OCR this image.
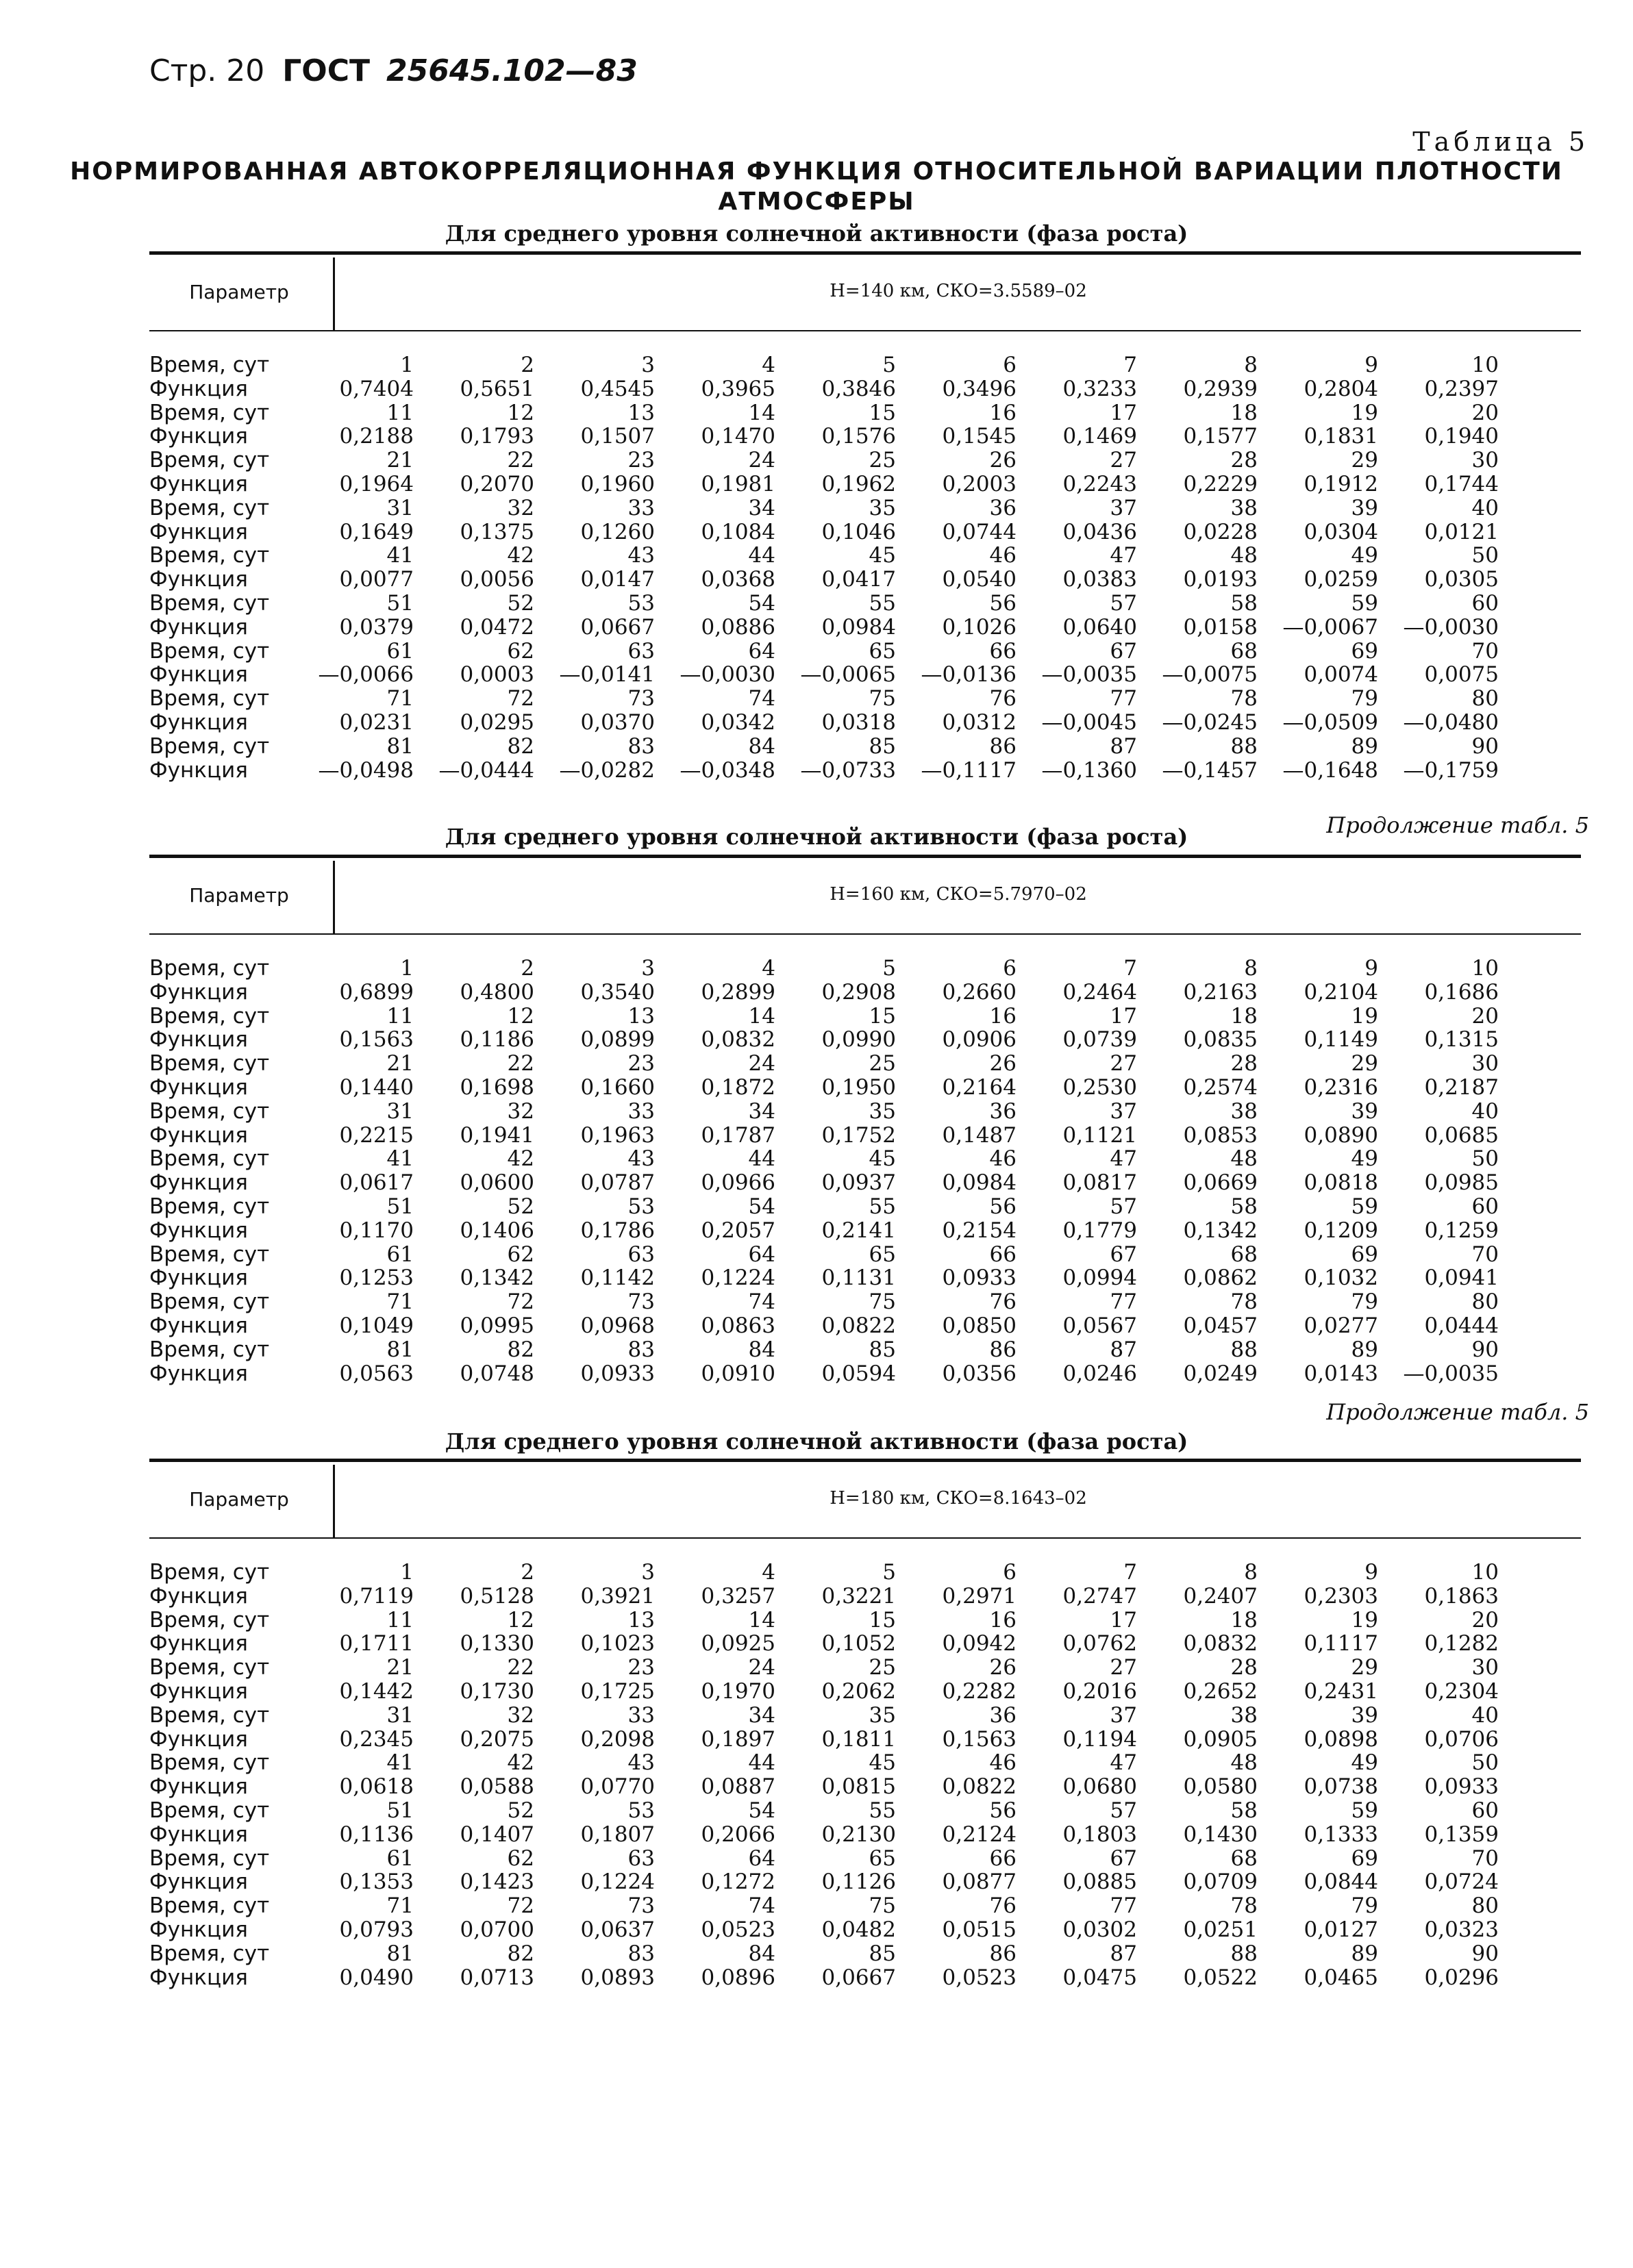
Стр. 20 ГОСТ 25645.102—83
Таблица 5
НОРМИРОВАННАЯ АВТОКОРРЕЛЯЦИОННАЯ ФУНКЦИЯ ОТНОСИТЕЛЬНОЙ ВАРИАЦИИ ПЛОТНОСТИ
АТМОСФЕРЫ
Для среднего уровня солнечной активности (фаза роста)
Параметр	H=140 км, СКО=3.5589–02
Время, сут	1	2	3	4	5	6	7	8	9	10
Функция	0,7404	0,5651	0,4545	0,3965	0,3846	0,3496	0,3233	0,2939	0,2804	0,2397
Время, сут	11	12	13	14	15	16	17	18	19	20
Функция	0,2188	0,1793	0,1507	0,1470	0,1576	0,1545	0,1469	0,1577	0,1831	0,1940
Время, сут	21	22	23	24	25	26	27	28	29	30
Функция	0,1964	0,2070	0,1960	0,1981	0,1962	0,2003	0,2243	0,2229	0,1912	0,1744
Время, сут	31	32	33	34	35	36	37	38	39	40
Функция	0,1649	0,1375	0,1260	0,1084	0,1046	0,0744	0,0436	0,0228	0,0304	0,0121
Время, сут	41	42	43	44	45	46	47	48	49	50
Функция	0,0077	0,0056	0,0147	0,0368	0,0417	0,0540	0,0383	0,0193	0,0259	0,0305
Время, сут	51	52	53	54	55	56	57	58	59	60
Функция	0,0379	0,0472	0,0667	0,0886	0,0984	0,1026	0,0640	0,0158	—0,0067	—0,0030
Время, сут	61	62	63	64	65	66	67	68	69	70
Функция	—0,0066	0,0003	—0,0141	—0,0030	—0,0065	—0,0136	—0,0035	—0,0075	0,0074	0,0075
Время, сут	71	72	73	74	75	76	77	78	79	80
Функция	0,0231	0,0295	0,0370	0,0342	0,0318	0,0312	—0,0045	—0,0245	—0,0509	—0,0480
Время, сут	81	82	83	84	85	86	87	88	89	90
Функция	—0,0498	—0,0444	—0,0282	—0,0348	—0,0733	—0,1117	—0,1360	—0,1457	—0,1648	—0,1759
Продолжение табл. 5
Для среднего уровня солнечной активности (фаза роста)
Параметр	H=160 км, СКО=5.7970–02
Время, сут	1	2	3	4	5	6	7	8	9	10
Функция	0,6899	0,4800	0,3540	0,2899	0,2908	0,2660	0,2464	0,2163	0,2104	0,1686
Время, сут	11	12	13	14	15	16	17	18	19	20
Функция	0,1563	0,1186	0,0899	0,0832	0,0990	0,0906	0,0739	0,0835	0,1149	0,1315
Время, сут	21	22	23	24	25	26	27	28	29	30
Функция	0,1440	0,1698	0,1660	0,1872	0,1950	0,2164	0,2530	0,2574	0,2316	0,2187
Время, сут	31	32	33	34	35	36	37	38	39	40
Функция	0,2215	0,1941	0,1963	0,1787	0,1752	0,1487	0,1121	0,0853	0,0890	0,0685
Время, сут	41	42	43	44	45	46	47	48	49	50
Функция	0,0617	0,0600	0,0787	0,0966	0,0937	0,0984	0,0817	0,0669	0,0818	0,0985
Время, сут	51	52	53	54	55	56	57	58	59	60
Функция	0,1170	0,1406	0,1786	0,2057	0,2141	0,2154	0,1779	0,1342	0,1209	0,1259
Время, сут	61	62	63	64	65	66	67	68	69	70
Функция	0,1253	0,1342	0,1142	0,1224	0,1131	0,0933	0,0994	0,0862	0,1032	0,0941
Время, сут	71	72	73	74	75	76	77	78	79	80
Функция	0,1049	0,0995	0,0968	0,0863	0,0822	0,0850	0,0567	0,0457	0,0277	0,0444
Время, сут	81	82	83	84	85	86	87	88	89	90
Функция	0,0563	0,0748	0,0933	0,0910	0,0594	0,0356	0,0246	0,0249	0,0143	—0,0035
Продолжение табл. 5
Для среднего уровня солнечной активности (фаза роста)
Параметр	H=180 км, СКО=8.1643–02
Время, сут	1	2	3	4	5	6	7	8	9	10
Функция	0,7119	0,5128	0,3921	0,3257	0,3221	0,2971	0,2747	0,2407	0,2303	0,1863
Время, сут	11	12	13	14	15	16	17	18	19	20
Функция	0,1711	0,1330	0,1023	0,0925	0,1052	0,0942	0,0762	0,0832	0,1117	0,1282
Время, сут	21	22	23	24	25	26	27	28	29	30
Функция	0,1442	0,1730	0,1725	0,1970	0,2062	0,2282	0,2016	0,2652	0,2431	0,2304
Время, сут	31	32	33	34	35	36	37	38	39	40
Функция	0,2345	0,2075	0,2098	0,1897	0,1811	0,1563	0,1194	0,0905	0,0898	0,0706
Время, сут	41	42	43	44	45	46	47	48	49	50
Функция	0,0618	0,0588	0,0770	0,0887	0,0815	0,0822	0,0680	0,0580	0,0738	0,0933
Время, сут	51	52	53	54	55	56	57	58	59	60
Функция	0,1136	0,1407	0,1807	0,2066	0,2130	0,2124	0,1803	0,1430	0,1333	0,1359
Время, сут	61	62	63	64	65	66	67	68	69	70
Функция	0,1353	0,1423	0,1224	0,1272	0,1126	0,0877	0,0885	0,0709	0,0844	0,0724
Время, сут	71	72	73	74	75	76	77	78	79	80
Функция	0,0793	0,0700	0,0637	0,0523	0,0482	0,0515	0,0302	0,0251	0,0127	0,0323
Время, сут	81	82	83	84	85	86	87	88	89	90
Функция	0,0490	0,0713	0,0893	0,0896	0,0667	0,0523	0,0475	0,0522	0,0465	0,0296
